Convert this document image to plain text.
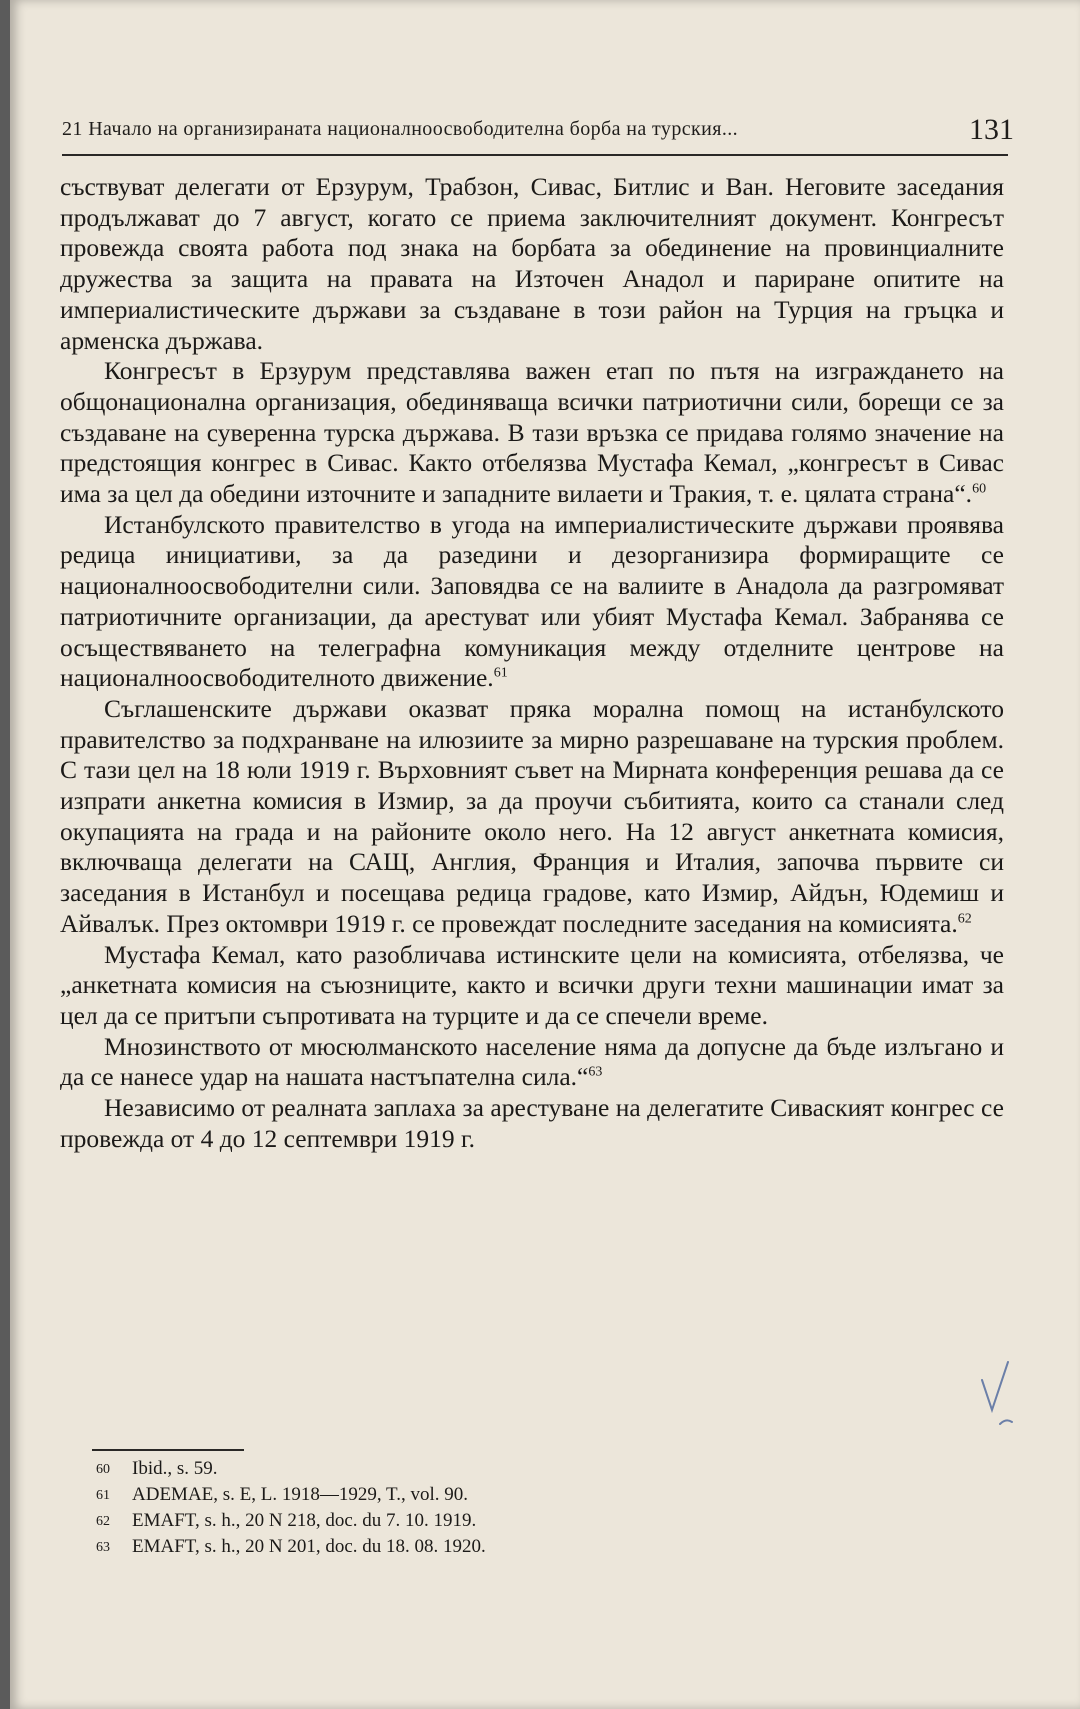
21 Начало на организираната националноосвободителна борба на турския...	131

съствуват делегати от Ерзурум, Трабзон, Сивас, Битлис и Ван. Неговите заседания продължават до 7 август, когато се приема заключителният документ. Конгресът провежда своята работа под знака на борбата за обединение на провинциалните дружества за защита на правата на Източен Анадол и париране опитите на империалистическите държави за създаване в този район на Турция на гръцка и арменска държава.

Конгресът в Ерзурум представлява важен етап по пътя на изграждането на общонационална организация, обединяваща всички патриотични сили, борещи се за създаване на суверенна турска държава. В тази връзка се придава голямо значение на предстоящия конгрес в Сивас. Както отбелязва Мустафа Кемал, „конгресът в Сивас има за цел да обедини източните и западните вилаети и Тракия, т. е. цялата страна“.$^{60}$

Истанбулското правителство в угода на империалистическите държави проявява редица инициативи, за да разедини и дезорганизира формиращите се националноосвободителни сили. Заповядва се на валиите в Анадола да разгромяват патриотичните организации, да арестуват или убият Мустафа Кемал. Забранява се осъществяването на телеграфна комуникация между отделните центрове на националноосвободителното движение.$^{61}$

Съглашенските държави оказват пряка морална помощ на истанбулското правителство за подхранване на илюзиите за мирно разрешаване на турския проблем. С тази цел на 18 юли 1919 г. Върховният съвет на Мирната конференция решава да се изпрати анкетна комисия в Измир, за да проучи събитията, които са станали след окупацията на града и на районите около него. На 12 август анкетната комисия, включваща делегати на САЩ, Англия, Франция и Италия, започва първите си заседания в Истанбул и посещава редица градове, като Измир, Айдън, Юдемиш и Айвалък. През октомври 1919 г. се провеждат последните заседания на комисията.$^{62}$

Мустафа Кемал, като разобличава истинските цели на комисията, отбелязва, че „анкетната комисия на съюзниците, както и всички други техни машинации имат за цел да се притъпи съпротивата на турците и да се спечели време.

Мнозинството от мюсюлманското население няма да допусне да бъде излъгано и да се нанесе удар на нашата настъпателна сила.“$^{63}$

Независимо от реалната заплаха за арестуване на делегатите Сиваският конгрес се провежда от 4 до 12 септември 1919 г.

60	Ibid., s. 59.
61	ADEMAE, s. E, L. 1918—1929, T., vol. 90.
62	EMAFT, s. h., 20 N 218, doc. du 7. 10. 1919.
63	EMAFT, s. h., 20 N 201, doc. du 18. 08. 1920.
